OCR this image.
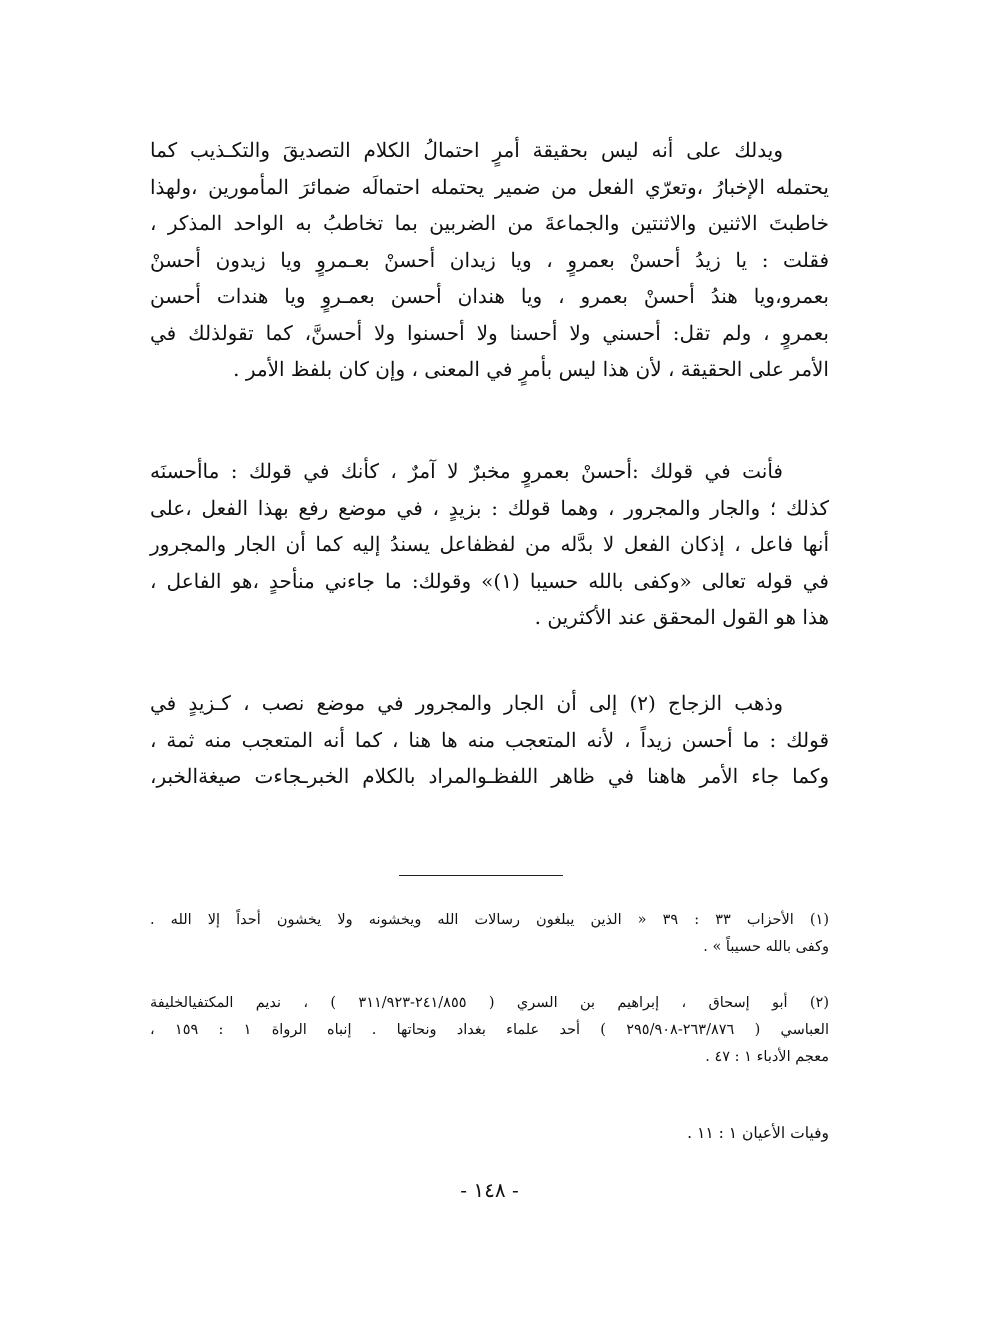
ويدلك على أنه ليس بحقيقة أمرٍ احتمالُ الكلام التصديقَ والتكـذيب كما
يحتمله الإخبارُ ،وتعرّي الفعل من ضمير يحتمله احتمالَه ضمائرَ المأمورين ،ولهذا
خاطبتَ الاثنين والاثنتين والجماعةَ من الضربين بما تخاطبُ به الواحد المذكر ،
فقلت : يا زيدُ أحسنْ بعمروٍ ، ويا زيدان أحسنْ بعـمروٍ ويا زيدون أحسنْ
بعمرو،ويا هندُ أحسنْ بعمرو ، ويا هندان أحسن بعمـروٍ ويا هندات أحسن
بعمروٍ ، ولم تقل: أحسني ولا أحسنا ولا أحسنوا ولا أحسنَّ، كما تقولذلك في
الأمر على الحقيقة ، لأن هذا ليس بأمرٍ في المعنى ، وإن كان بلفظ الأمر .
فأنت في قولك :أحسنْ بعمروٍ مخبرٌ لا آمرٌ ، كأنك في قولك : ماأحسنَه
كذلك ؛ والجار والمجرور ، وهما قولك : بزيدٍ ، في موضع رفع بهذا الفعل ،على
أنها فاعل ، إذكان الفعل لا بدَّله من لفظفاعل يسندُ إليه كما أن الجار والمجرور
في قوله تعالى «وكفى بالله حسيبا (١)» وقولك: ما جاءني منأحدٍ ،هو الفاعل ،
هذا هو القول المحقق عند الأكثرين .
وذهب الزجاج (٢) إلى أن الجار والمجرور في موضع نصب ، كـزيدٍ في
قولك : ما أحسن زيداً ، لأنه المتعجب منه ها هنا ، كما أنه المتعجب منه ثمة ،
وكما جاء الأمر هاهنا في ظاهر اللفظـوالمراد بالكلام الخبرـجاءت صيغةالخبر،
(١) الأحزاب ٣٣ : ٣٩ « الذين يبلغون رسالات الله ويخشونه ولا يخشون أحداً إلا الله .
وكفى بالله حسيباً » .
(٢) أبو إسحاق ، إبراهيم بن السري ( ٢٤١/٨٥٥-٣١١/٩٢٣ ) ، نديم المكتفيالخليفة
العباسي ( ٢٦٣/٨٧٦-٢٩٥/٩٠٨ ) أحد علماء بغداد ونحاتها . إنباه الرواة ١ : ١٥٩ ،
معجم الأدباء ١ : ٤٧ .
وفيات الأعيان ١ : ١١ .
- ١٤٨ -
